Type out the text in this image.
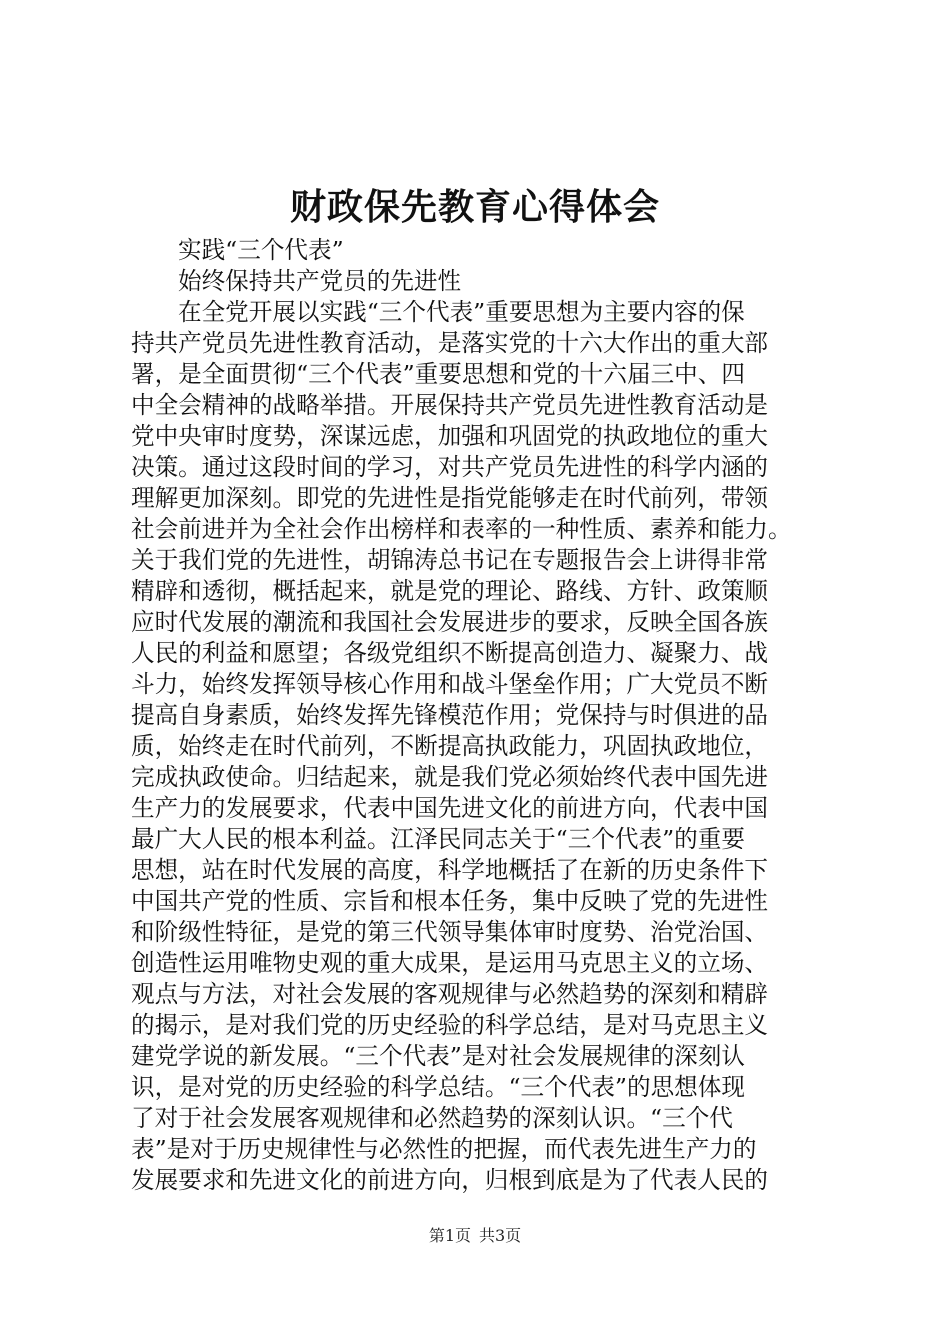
财政保先教育心得体会
实践“三个代表”
始终保持共产党员的先进性
在全党开展以实践“三个代表”重要思想为主要内容的保
持共产党员先进性教育活动，是落实党的十六大作出的重大部
署，是全面贯彻“三个代表”重要思想和党的十六届三中、四
中全会精神的战略举措。开展保持共产党员先进性教育活动是
党中央审时度势，深谋远虑，加强和巩固党的执政地位的重大
决策。通过这段时间的学习，对共产党员先进性的科学内涵的
理解更加深刻。即党的先进性是指党能够走在时代前列，带领
社会前进并为全社会作出榜样和表率的一种性质、素养和能力。
关于我们党的先进性，胡锦涛总书记在专题报告会上讲得非常
精辟和透彻，概括起来，就是党的理论、路线、方针、政策顺
应时代发展的潮流和我国社会发展进步的要求，反映全国各族
人民的利益和愿望；各级党组织不断提高创造力、凝聚力、战
斗力，始终发挥领导核心作用和战斗堡垒作用；广大党员不断
提高自身素质，始终发挥先锋模范作用；党保持与时俱进的品
质，始终走在时代前列，不断提高执政能力，巩固执政地位，
完成执政使命。归结起来，就是我们党必须始终代表中国先进
生产力的发展要求，代表中国先进文化的前进方向，代表中国
最广大人民的根本利益。江泽民同志关于“三个代表”的重要
思想，站在时代发展的高度，科学地概括了在新的历史条件下
中国共产党的性质、宗旨和根本任务，集中反映了党的先进性
和阶级性特征，是党的第三代领导集体审时度势、治党治国、
创造性运用唯物史观的重大成果，是运用马克思主义的立场、
观点与方法，对社会发展的客观规律与必然趋势的深刻和精辟
的揭示，是对我们党的历史经验的科学总结，是对马克思主义
建党学说的新发展。“三个代表”是对社会发展规律的深刻认
识，是对党的历史经验的科学总结。“三个代表”的思想体现
了对于社会发展客观规律和必然趋势的深刻认识。“三个代
表”是对于历史规律性与必然性的把握，而代表先进生产力的
发展要求和先进文化的前进方向，归根到底是为了代表人民的
第1页 共3页
